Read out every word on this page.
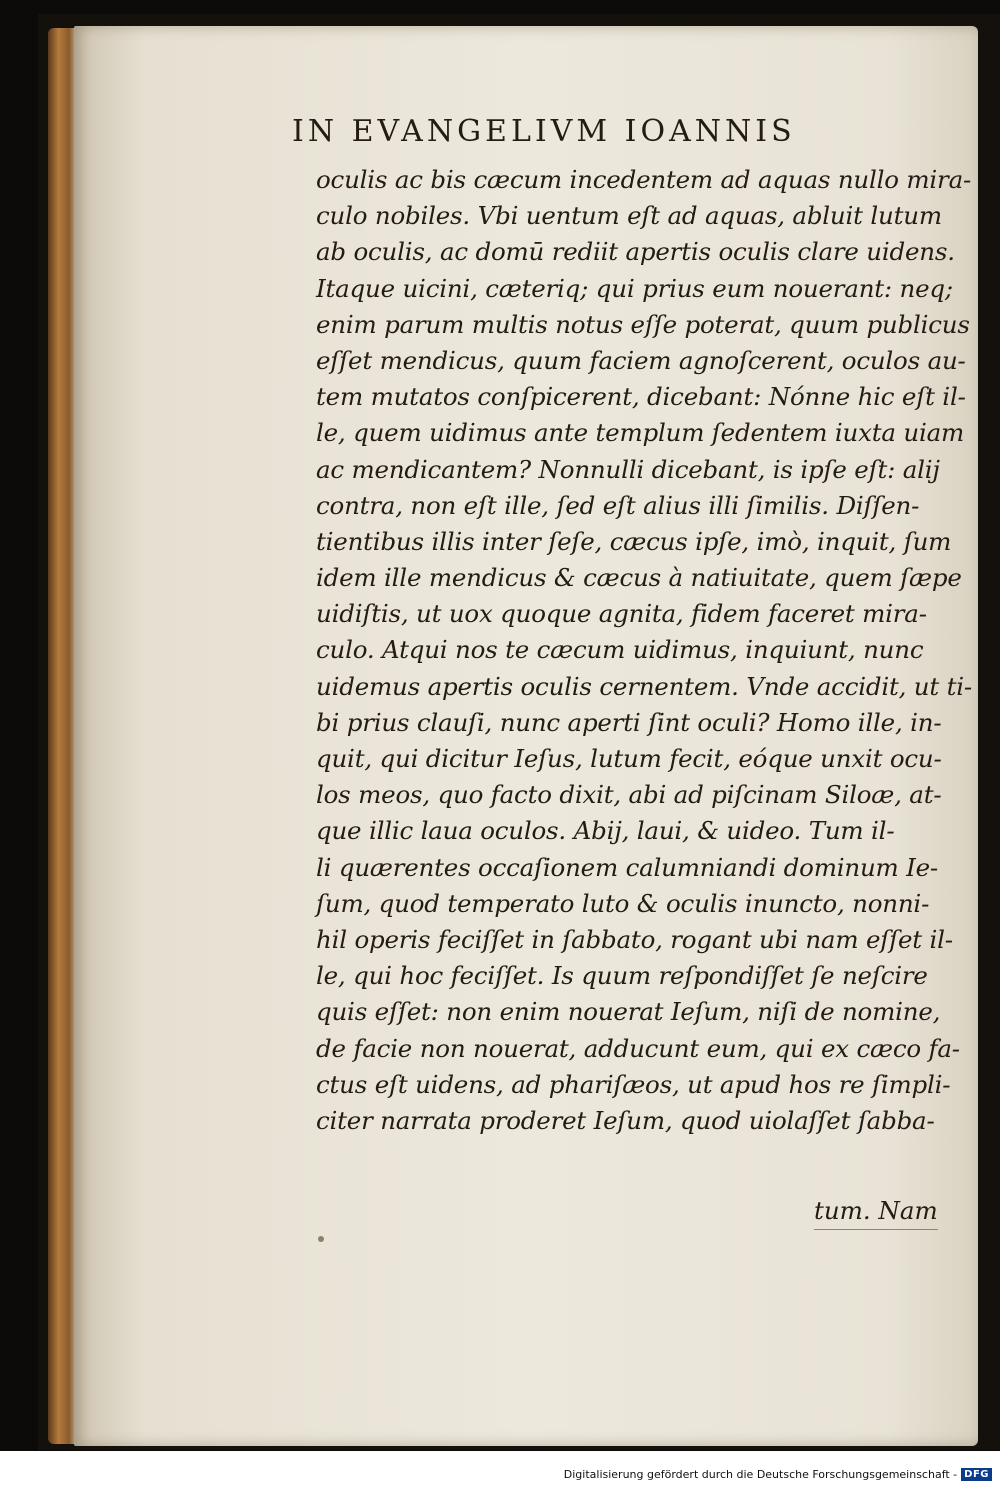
IN EVANGELIVM IOANNIS
oculis ac bis cæcum incedentem ad aquas nullo mira-
culo nobiles. Vbi uentum eſt ad aquas, abluit lutum
ab oculis, ac domū rediit apertis oculis clare uidens.
Itaque uicini, cæteriq; qui prius eum nouerant: neq;
enim parum multis notus eſſe poterat, quum publicus
eſſet mendicus, quum faciem agnoſcerent, oculos au-
tem mutatos conſpicerent, dicebant: Nónne hic eſt il-
le, quem uidimus ante templum ſedentem iuxta uiam
ac mendicantem? Nonnulli dicebant, is ipſe eſt: alij
contra, non eſt ille, ſed eſt alius illi ſimilis. Diſſen-
tientibus illis inter ſeſe, cæcus ipſe, imò, inquit, ſum
idem ille mendicus & cæcus à natiuitate, quem ſæpe
uidiſtis, ut uox quoque agnita, fidem faceret mira-
culo. Atqui nos te cæcum uidimus, inquiunt, nunc
uidemus apertis oculis cernentem. Vnde accidit, ut ti-
bi prius clauſi, nunc aperti ſint oculi? Homo ille, in-
quit, qui dicitur Ieſus, lutum fecit, eóque unxit ocu-
los meos, quo facto dixit, abi ad piſcinam Siloæ, at-
que illic laua oculos. Abij, laui, & uideo. Tum il-
li quærentes occaſionem calumniandi dominum Ie-
ſum, quod temperato luto & oculis inuncto, nonni-
hil operis feciſſet in ſabbato, rogant ubi nam eſſet il-
le, qui hoc feciſſet. Is quum reſpondiſſet ſe neſcire
quis eſſet: non enim nouerat Ieſum, niſi de nomine,
de facie non nouerat, adducunt eum, qui ex cæco fa-
ctus eſt uidens, ad phariſæos, ut apud hos re ſimpli-
citer narrata proderet Ieſum, quod uiolaſſet ſabba-
tum. Nam
Digitalisierung gefördert durch die Deutsche Forschungsgemeinschaft - DFG
